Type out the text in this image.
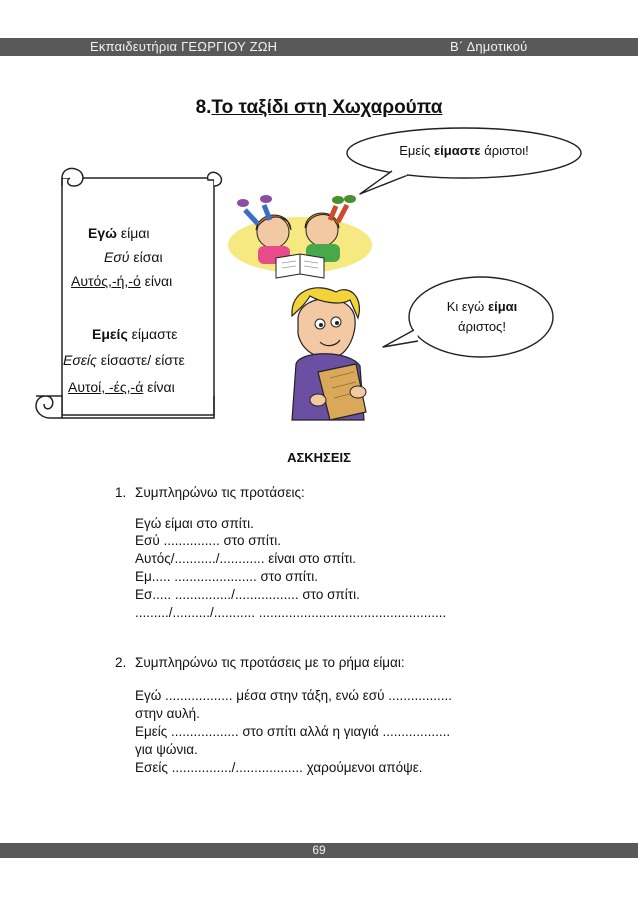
Εκπαιδευτήρια ΓΕΩΡΓΙΟΥ ΖΩΗ	Β΄ Δημοτικού
8.Το ταξίδι στη Χωχαρούπα
Εμείς είμαστε άριστοι!
Κι εγώ είμαι
άριστος!
Εγώ είμαι
Εσύ είσαι
Αυτός,-ή,-ό είναι
Εμείς είμαστε
Εσείς είσαστε/ είστε
Αυτοί, -ές,-ά είναι
ΑΣΚΗΣΕΙΣ
1. Συμπληρώνω τις προτάσεις:
Εγώ είμαι στο σπίτι.
Εσύ ............... στο σπίτι.
Αυτός/.........../............ είναι στο σπίτι.
Εμ..... ...................... στο σπίτι.
Εσ..... .............../................. στο σπίτι.
........./........../........... ..................................................
2. Συμπληρώνω τις προτάσεις με το ρήμα είμαι:
Εγώ .................. μέσα στην τάξη, ενώ εσύ .................
στην αυλή.
Εμείς .................. στο σπίτι αλλά η γιαγιά ..................
για ψώνια.
Εσείς ................/.................. χαρούμενοι απόψε.
69
